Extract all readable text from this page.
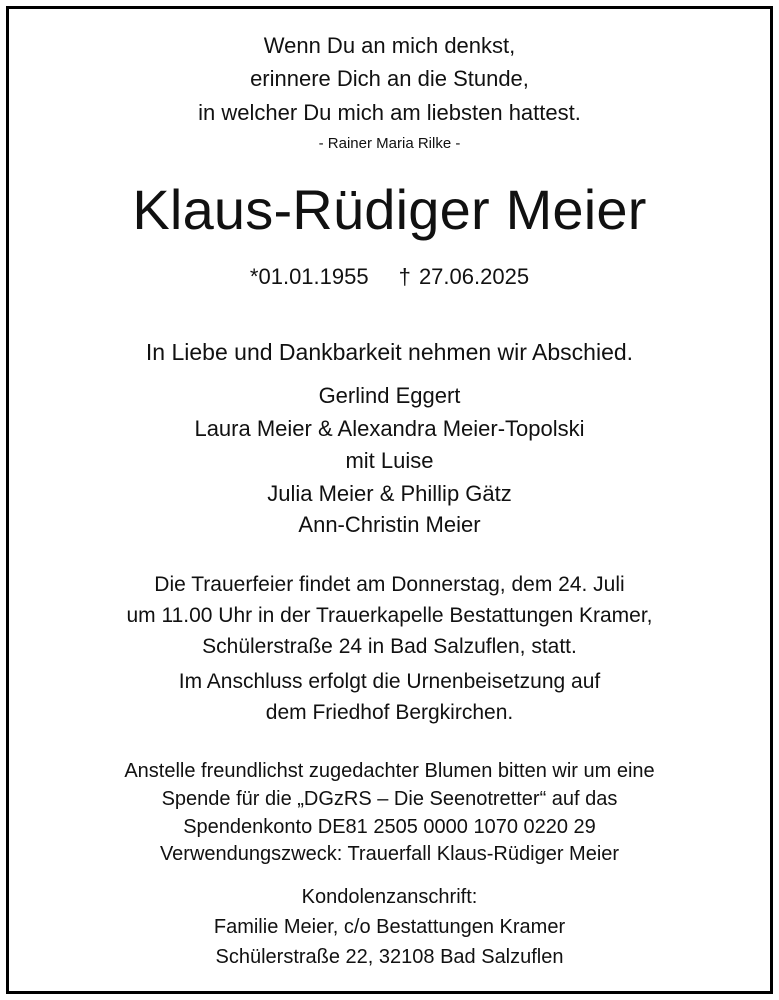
Wenn Du an mich denkst,
erinnere Dich an die Stunde,
in welcher Du mich am liebsten hattest.
- Rainer Maria Rilke -
Klaus-Rüdiger Meier
*01.01.1955 † 27.06.2025
In Liebe und Dankbarkeit nehmen wir Abschied.
Gerlind Eggert
Laura Meier & Alexandra Meier-Topolski
mit Luise
Julia Meier & Phillip Gätz
Ann-Christin Meier
Die Trauerfeier findet am Donnerstag, dem 24. Juli
um 11.00 Uhr in der Trauerkapelle Bestattungen Kramer,
Schülerstraße 24 in Bad Salzuflen, statt.
Im Anschluss erfolgt die Urnenbeisetzung auf
dem Friedhof Bergkirchen.
Anstelle freundlichst zugedachter Blumen bitten wir um eine
Spende für die „DGzRS – Die Seenotretter“ auf das
Spendenkonto DE81 2505 0000 1070 0220 29
Verwendungszweck: Trauerfall Klaus-Rüdiger Meier
Kondolenzanschrift:
Familie Meier, c/o Bestattungen Kramer
Schülerstraße 22, 32108 Bad Salzuflen
